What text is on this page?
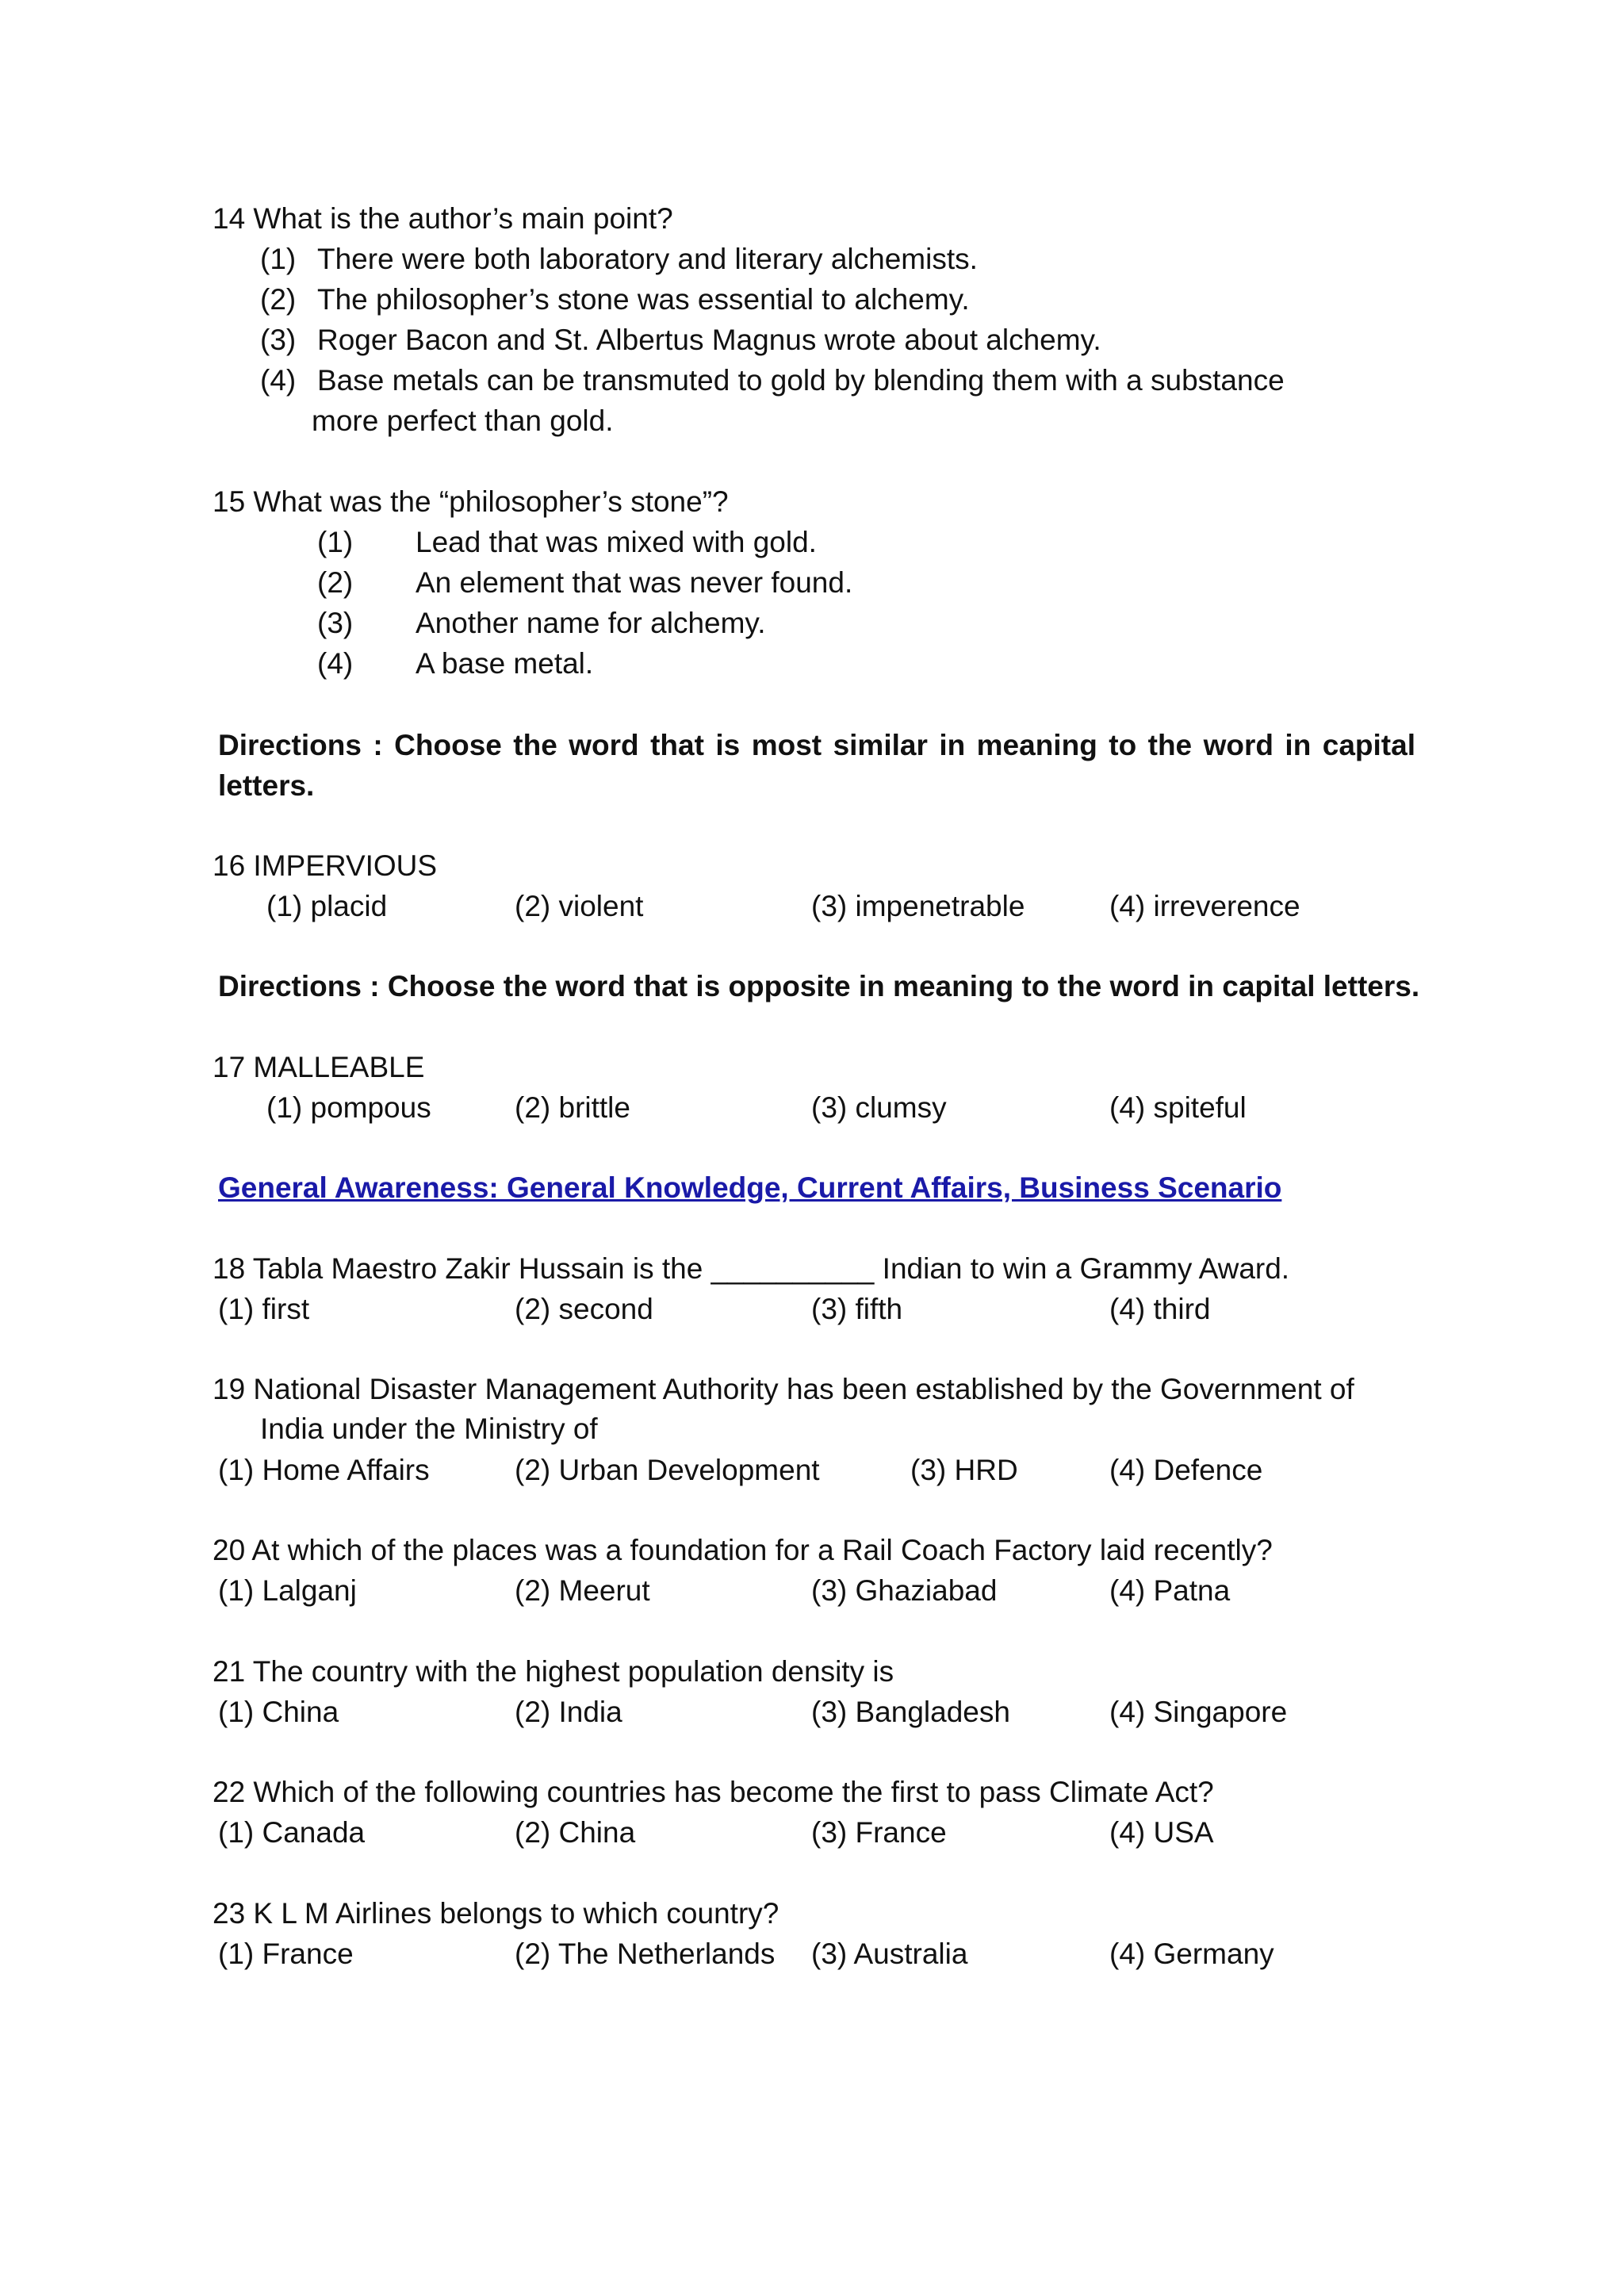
14 What is the author’s main point?
(1) There were both laboratory and literary alchemists.
(2) The philosopher’s stone was essential to alchemy.
(3) Roger Bacon and St. Albertus Magnus wrote about alchemy.
(4) Base metals can be transmuted to gold by blending them with a substance
more perfect than gold.
15 What was the “philosopher’s stone”?
(1) Lead that was mixed with gold.
(2) An element that was never found.
(3) Another name for alchemy.
(4) A base metal.
Directions : Choose the word that is most similar in meaning to the word in capital letters.
16 IMPERVIOUS
(1) placid	(2) violent	(3) impenetrable	(4) irreverence
Directions : Choose the word that is opposite in meaning to the word in capital letters.
17 MALLEABLE
(1) pompous	(2) brittle	(3) clumsy	(4) spiteful
General Awareness: General Knowledge, Current Affairs, Business Scenario
18 Tabla Maestro Zakir Hussain is the __________ Indian to win a Grammy Award.
(1) first	(2) second	(3) fifth	(4) third
19 National Disaster Management Authority has been established by the Government of
India under the Ministry of
(1) Home Affairs	(2) Urban Development	(3) HRD	(4) Defence
20 At which of the places was a foundation for a Rail Coach Factory laid recently?
(1) Lalganj	(2) Meerut	(3) Ghaziabad	(4) Patna
21 The country with the highest population density is
(1) China	(2) India	(3) Bangladesh	(4) Singapore
22 Which of the following countries has become the first to pass Climate Act?
(1) Canada	(2) China	(3) France	(4) USA
23 K L M Airlines belongs to which country?
(1) France	(2) The Netherlands (3) Australia	(4) Germany
